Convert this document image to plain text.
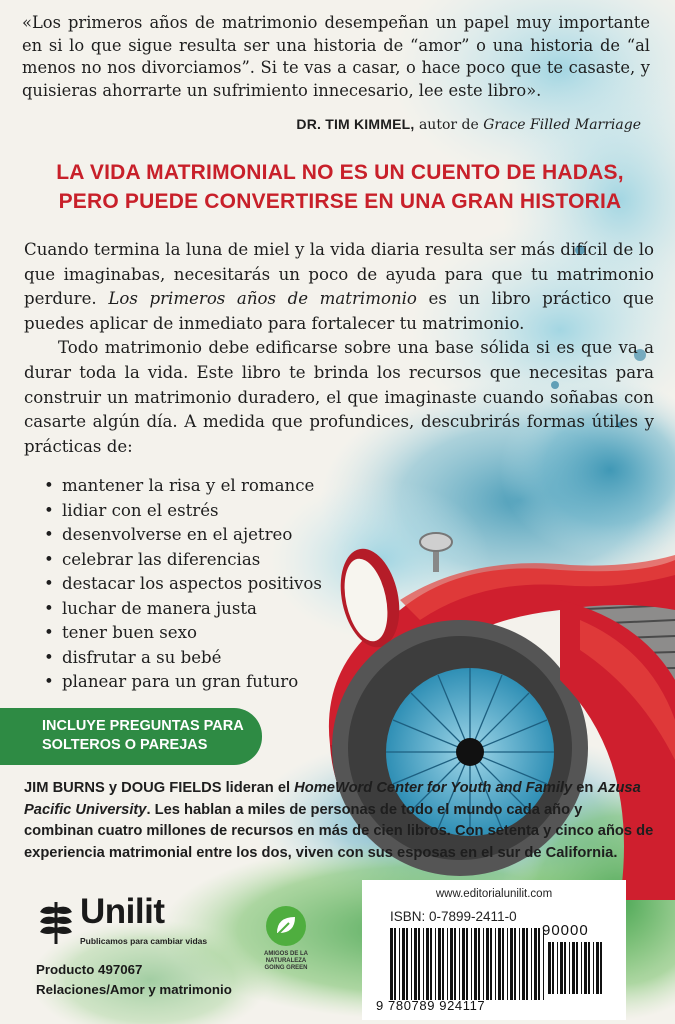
«Los primeros años de matrimonio desempeñan un papel muy importante en si lo que sigue resulta ser una historia de “amor” o una historia de “al menos no nos divorciamos”. Si te vas a casar, o hace poco que te casaste, y quisieras ahorrarte un sufrimiento innecesario, lee este libro».
DR. TIM KIMMEL, autor de Grace Filled Marriage
LA VIDA MATRIMONIAL NO ES UN CUENTO DE HADAS,
PERO PUEDE CONVERTIRSE EN UNA GRAN HISTORIA

Cuando termina la luna de miel y la vida diaria resulta ser más difícil de lo que imaginabas, necesitarás un poco de ayuda para que tu matrimonio perdure. Los primeros años de matrimonio es un libro práctico que puedes aplicar de inmediato para fortalecer tu matrimonio.

Todo matrimonio debe edificarse sobre una base sólida si es que va a durar toda la vida. Este libro te brinda los recursos que necesitas para construir un matrimonio duradero, el que imaginaste cuando soñabas con casarte algún día. A medida que profundices, descubrirás formas útiles y prácticas de:

• mantener la risa y el romance
• lidiar con el estrés
• desenvolverse en el ajetreo
• celebrar las diferencias
• destacar los aspectos positivos
• luchar de manera justa
• tener buen sexo
• disfrutar a su bebé
• planear para un gran futuro
INCLUYE PREGUNTAS PARA
SOLTEROS O PAREJAS
JIM BURNS y DOUG FIELDS lideran el HomeWord Center for Youth and Family en Azusa Pacific University. Les hablan a miles de personas de todo el mundo cada año y combinan cuatro millones de recursos en más de cien libros. Con setenta y cinco años de experiencia matrimonial entre los dos, viven con sus esposas en el sur de California.
Unilit
Publicamos para cambiar vidas
Producto 497067
Relaciones/Amor y matrimonio
AMIGOS DE LA NATURALEZA
GOING GREEN
www.editorialunilit.com
ISBN: 0-7899-2411-0
90000
9 780789 924117
